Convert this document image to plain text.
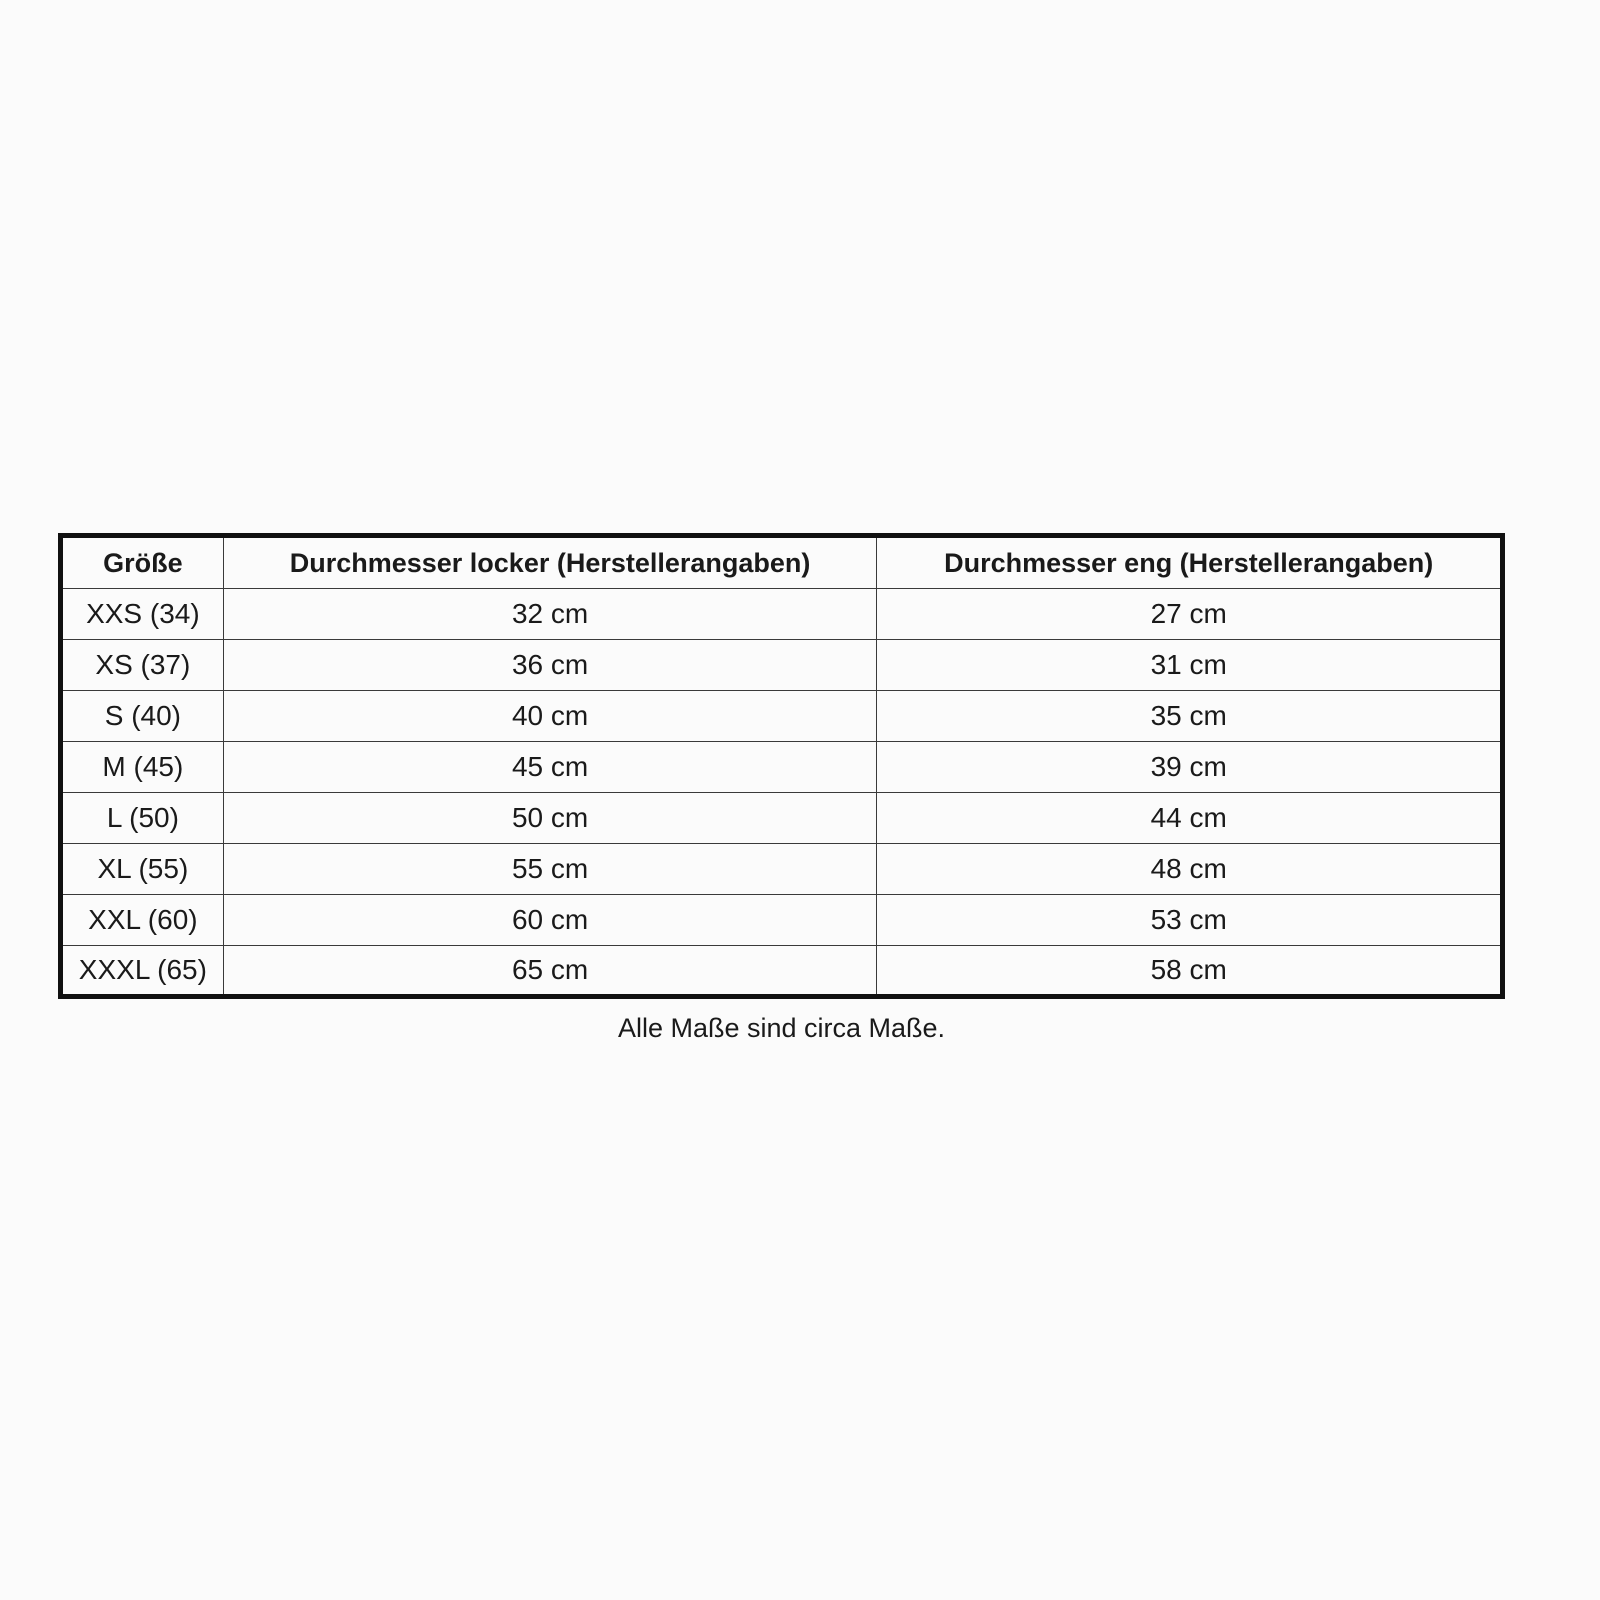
Größe	Durchmesser locker (Herstellerangaben)	Durchmesser eng (Herstellerangaben)
XXS (34)	32 cm	27 cm
XS (37)	36 cm	31 cm
S (40)	40 cm	35 cm
M (45)	45 cm	39 cm
L (50)	50 cm	44 cm
XL (55)	55 cm	48 cm
XXL (60)	60 cm	53 cm
XXXL (65)	65 cm	58 cm
Alle Maße sind circa Maße.
